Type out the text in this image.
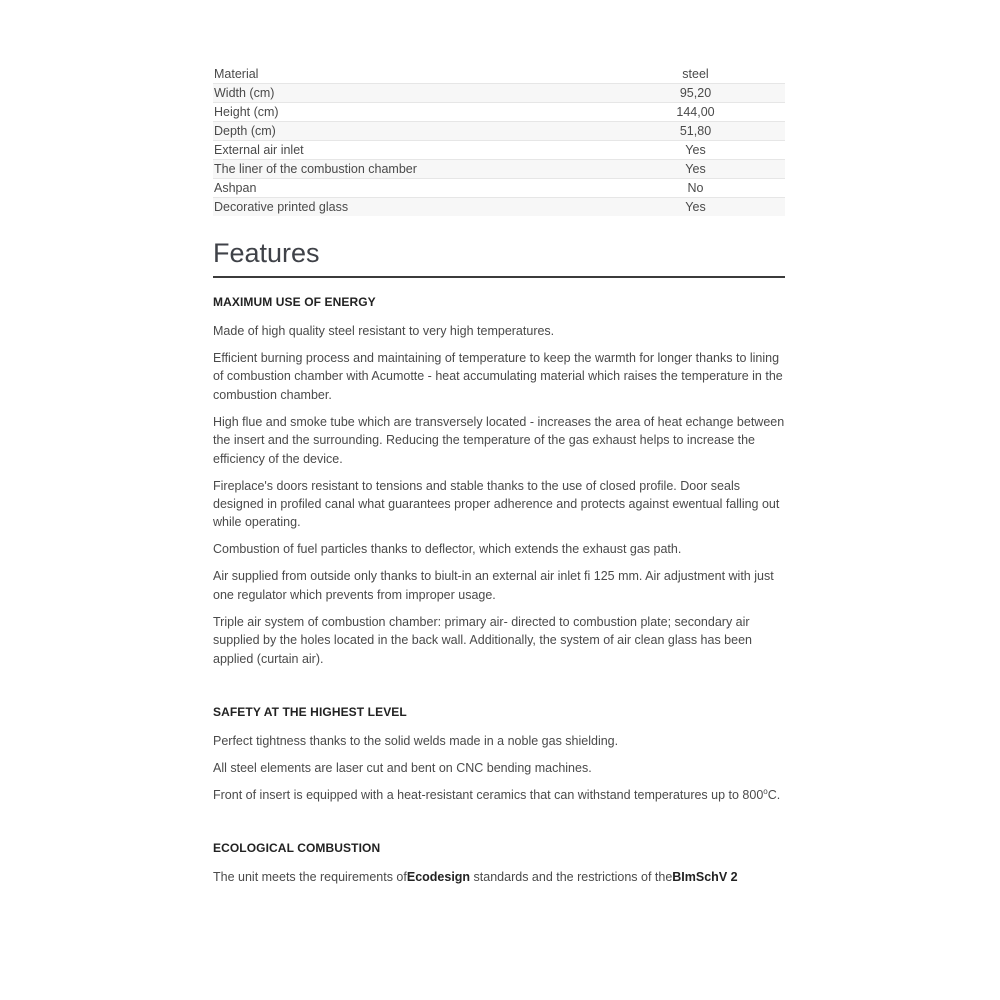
Material	steel
Width (cm)	95,20
Height (cm)	144,00
Depth (cm)	51,80
External air inlet	Yes
The liner of the combustion chamber	Yes
Ashpan	No
Decorative printed glass	Yes
Features
MAXIMUM USE OF ENERGY

Made of high quality steel resistant to very high temperatures.

Efficient burning process and maintaining of temperature to keep the warmth for longer thanks to lining of combustion chamber with Acumotte - heat accumulating material which raises the temperature in the combustion chamber.

High flue and smoke tube which are transversely located - increases the area of heat echange between the insert and the surrounding. Reducing the temperature of the gas exhaust helps to increase the efficiency of the device.

Fireplace's doors resistant to tensions and stable thanks to the use of closed profile. Door seals designed in profiled canal what guarantees proper adherence and protects against ewentual falling out while operating.

Combustion of fuel particles thanks to deflector, which extends the exhaust gas path.

Air supplied from outside only thanks to biult-in an external air inlet fi 125 mm. Air adjustment with just one regulator which prevents from improper usage.

Triple air system of combustion chamber: primary air- directed to combustion plate; secondary air supplied by the holes located in the back wall. Additionally, the system of air clean glass has been applied (curtain air).

SAFETY AT THE HIGHEST LEVEL

Perfect tightness thanks to the solid welds made in a noble gas shielding.

All steel elements are laser cut and bent on CNC bending machines.

Front of insert is equipped with a heat-resistant ceramics that can withstand temperatures up to 800$^o$C.

ECOLOGICAL COMBUSTION

The unit meets the requirements ofEcodesign standards and the restrictions of theBImSchV 2
